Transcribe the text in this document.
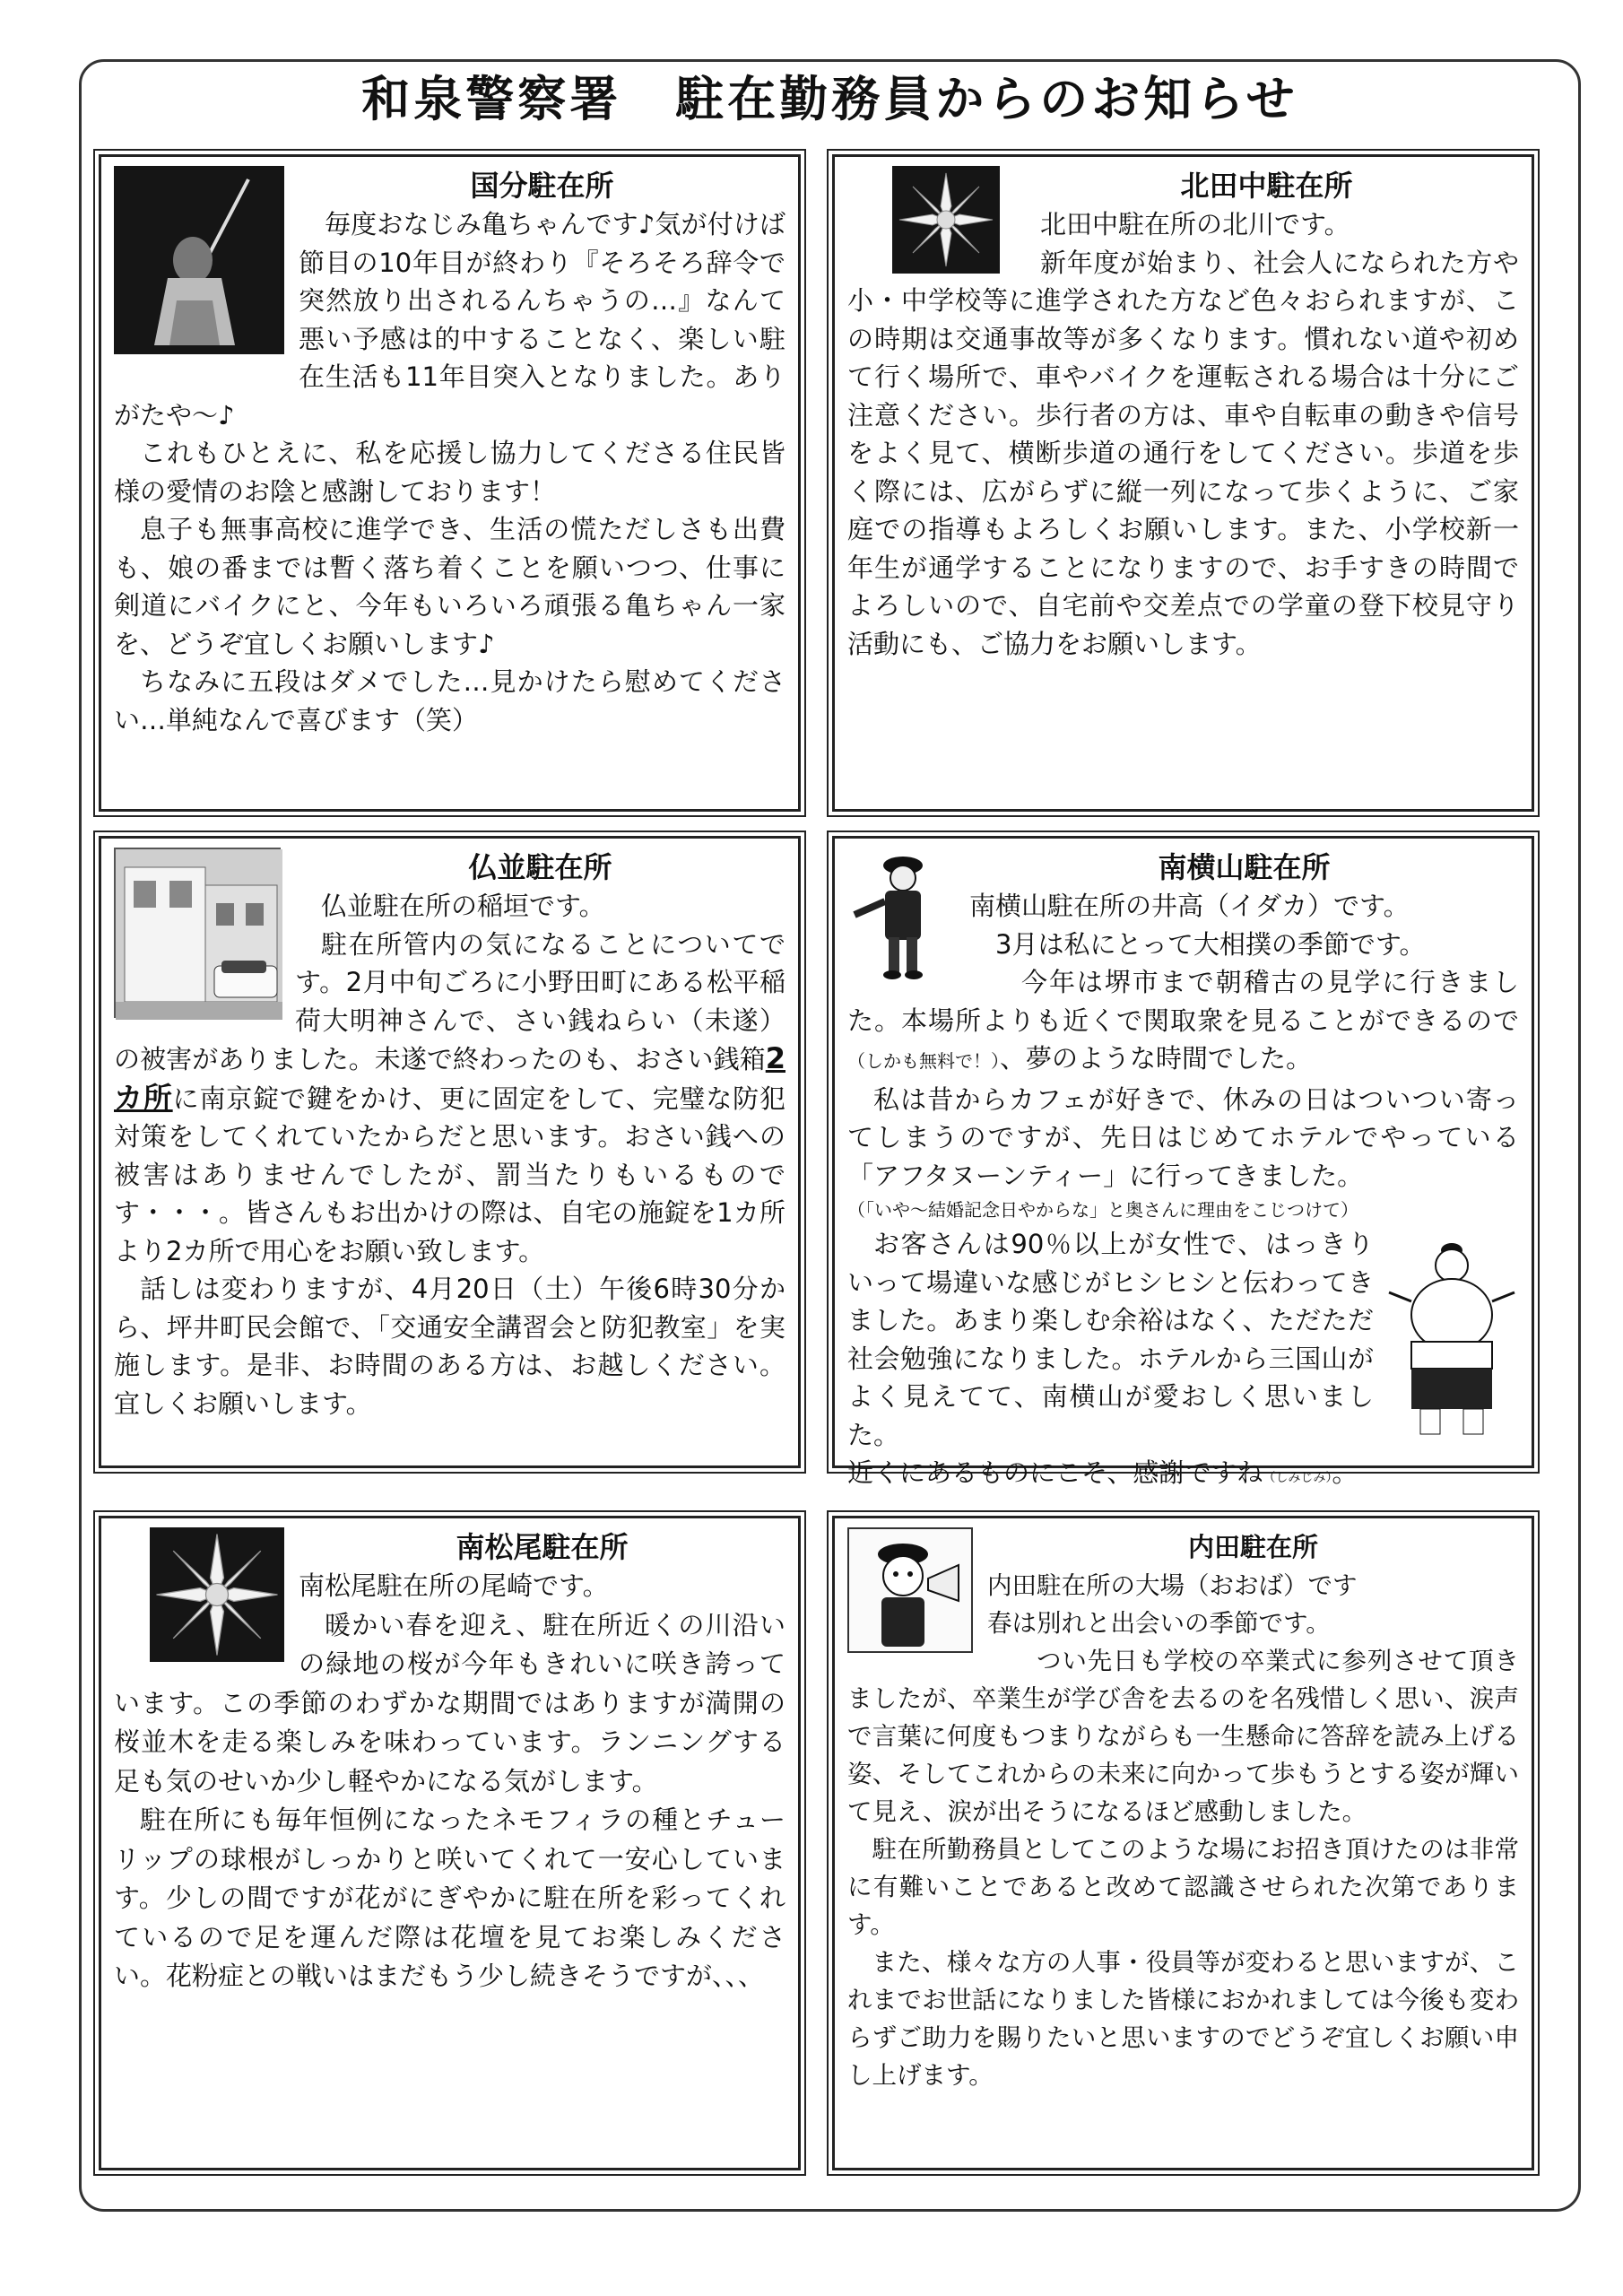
和泉警察署 駐在勤務員からのお知らせ
国分駐在所

毎度おなじみ亀ちゃんです♪気が付けば節目の10年目が終わり『そろそろ辞令で突然放り出されるんちゃうの…』なんて悪い予感は的中することなく、楽しい駐在生活も11年目突入となりました。ありがたや～♪

これもひとえに、私を応援し協力してくださる住民皆様の愛情のお陰と感謝しております！

息子も無事高校に進学でき、生活の慌ただしさも出費も、娘の番までは暫く落ち着くことを願いつつ、仕事に剣道にバイクにと、今年もいろいろ頑張る亀ちゃん一家を、どうぞ宜しくお願いします♪

ちなみに五段はダメでした…見かけたら慰めてください…単純なんで喜びます（笑）

北田中駐在所

北田中駐在所の北川です。

新年度が始まり、社会人になられた方や小・中学校等に進学された方など色々おられますが、この時期は交通事故等が多くなります。慣れない道や初めて行く場所で、車やバイクを運転される場合は十分にご注意ください。歩行者の方は、車や自転車の動きや信号をよく見て、横断歩道の通行をしてください。歩道を歩く際には、広がらずに縦一列になって歩くように、ご家庭での指導もよろしくお願いします。また、小学校新一年生が通学することになりますので、お手すきの時間でよろしいので、自宅前や交差点での学童の登下校見守り活動にも、ご協力をお願いします。

仏並駐在所

仏並駐在所の稲垣です。

駐在所管内の気になることについてです。2月中旬ごろに小野田町にある松平稲荷大明神さんで、さい銭ねらい（未遂）の被害がありました。未遂で終わったのも、おさい銭箱2カ所に南京錠で鍵をかけ、更に固定をして、完璧な防犯対策をしてくれていたからだと思います。おさい銭への被害はありませんでしたが、罰当たりもいるものです・・・。皆さんもお出かけの際は、自宅の施錠を1カ所より2カ所で用心をお願い致します。

話しは変わりますが、4月20日（土）午後6時30分から、坪井町民会館で、「交通安全講習会と防犯教室」を実施します。是非、お時間のある方は、お越しください。宜しくお願いします。

南横山駐在所

南横山駐在所の井高（イダカ）です。

3月は私にとって大相撲の季節です。

今年は堺市まで朝稽古の見学に行きました。本場所よりも近くで関取衆を見ることができるので（しかも無料で！）、夢のような時間でした。

私は昔からカフェが好きで、休みの日はついつい寄ってしまうのですが、先日はじめてホテルでやっている「アフタヌーンティー」に行ってきました。

（「いや～結婚記念日やからな」と奥さんに理由をこじつけて）

お客さんは90％以上が女性で、はっきりいって場違いな感じがヒシヒシと伝わってきました。あまり楽しむ余裕はなく、ただただ社会勉強になりました。ホテルから三国山がよく見えてて、南横山が愛おしく思いました。

近くにあるものにこそ、感謝ですね（しみじみ）。

南松尾駐在所

南松尾駐在所の尾崎です。

暖かい春を迎え、駐在所近くの川沿いの緑地の桜が今年もきれいに咲き誇っています。この季節のわずかな期間ではありますが満開の桜並木を走る楽しみを味わっています。ランニングする足も気のせいか少し軽やかになる気がします。

駐在所にも毎年恒例になったネモフィラの種とチューリップの球根がしっかりと咲いてくれて一安心しています。少しの間ですが花がにぎやかに駐在所を彩ってくれているので足を運んだ際は花壇を見てお楽しみください。花粉症との戦いはまだもう少し続きそうですが、、、

内田駐在所

内田駐在所の大場（おおば）です

春は別れと出会いの季節です。

つい先日も学校の卒業式に参列させて頂きましたが、卒業生が学び舎を去るのを名残惜しく思い、涙声で言葉に何度もつまりながらも一生懸命に答辞を読み上げる姿、そしてこれからの未来に向かって歩もうとする姿が輝いて見え、涙が出そうになるほど感動しました。

駐在所勤務員としてこのような場にお招き頂けたのは非常に有難いことであると改めて認識させられた次第であります。

また、様々な方の人事・役員等が変わると思いますが、これまでお世話になりました皆様におかれましては今後も変わらずご助力を賜りたいと思いますのでどうぞ宜しくお願い申し上げます。
